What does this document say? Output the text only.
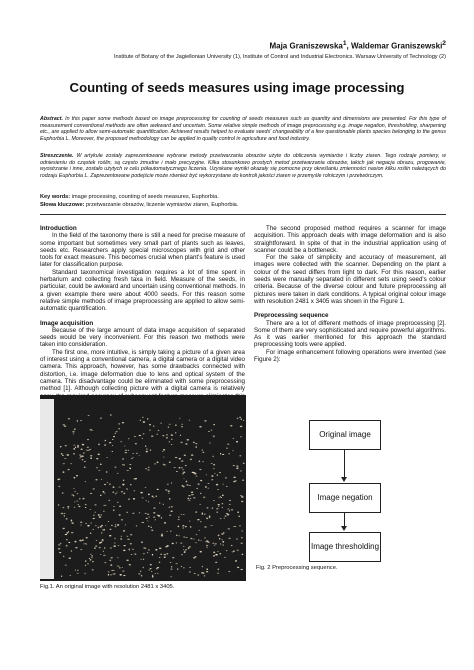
Maja Graniszewska$^1$, Waldemar Graniszewski$^2$
Institute of Botany of the Jagiellonian University (1), Institute of Control and Industrial Electronics. Warsaw University of Technology (2)
Counting of seeds measures using image processing
Abstract. In this paper some methods based on image preprocessing for counting of seeds measures such as quantity and dimensions are presented. For this type of measurement conventional methods are often awkward and uncertain. Some relative simple methods of image preprocessing e.g. image negation, thresholding, sharpening etc., are applied to allow semi-automatic quantification. Achieved results helped to evaluate seeds' changeability of a few questionable plants species belonging to the genus Euphorbia L. Moreover, the proposed methodology can be applied in quality control in agriculture and food industry.
Streszczenie. W artykule zostały zaprezentowane wybrane metody przetwarzania obrazów użyte do obliczenia wymiarów i liczby ziaren. Tego rodzaje pomiery, w odniesieniu do cząstek roślin, są często żmudne i mało precyzyjne. Kilka stosunkowo prostych metod przetwarzania obrazów, takich jak negacja obrazu, progowanie, wyostrzanie i inne, zostało użytych w celu półautomatycznego liczenia. Uzyskane wyniki okazały się pomocne przy określaniu zmienności nasion kilku roślin należących do rodzaju Euphorbia L. Zaprezentowane podejście może również być wykorzystane do kontroli jakości ziaren w przemyśle rolniczym i przetwórczym.
Key words: image processing, counting of seeds measures, Euphorbia.
Słowa kluczowe: przetwarzanie obrazów, liczenie wymiarów ziaren, Euphorbia.
Introduction

In the field of the taxonomy there is still a need for precise measure of some important but sometimes very small part of plants such as leaves, seeds etc. Researchers apply special microscopes with grid and other tools for exact measure. This becomes crucial when plant's feature is used later for classification purpose.

Standard taxonomical investigation requires a lot of time spent in herbarium and collecting fresh taxa in field. Measure of the seeds, in particular, could be awkward and uncertain using conventional methods. In a given example there were about 4000 seeds. For this reason some relative simple methods of image preprocessing are applied to allow semi-automatic quantification.

Image acquisition

Because of the large amount of data image acquisition of separated seeds would be very inconvenient. For this reason two methods were taken into consideration.

The first one, more intuitive, is simply taking a picture of a given area of interest using a conventional camera, a digital camera or a digital video camera. This approach, however, has some drawbacks connected with distortion, i.e. image deformation due to lens and optical system of the camera. This disadvantage could be eliminated with some preprocessing method [1]. Although collecting picture with a digital camera is relatively

Fig.1. An original image with resolution 2481 x 3405.

The second proposed method requires a scanner for image acquisition. This approach deals with image deformation and is also straightforward. In spite of that in the industrial application using of scanner could be a bottleneck.

For the sake of simplicity and accuracy of measurement, all images were collected with the scanner. Depending on the plant a colour of the seed differs from light to dark. For this reason, earlier seeds were manually separated in different sets using seed's colour criteria. Because of the diverse colour and future preprocessing all pictures were taken in dark conditions. A typical original colour image with resolution 2481 x 3405 was shown in the Figure 1.

Preprocessing sequence

There are a lot of different methods of image preprocessing [2]. Some of them are very sophisticated and require powerful algorithms. As it was earlier mentioned for this approach the standard preprocessing tools were applied.

For image enhancement following operations were invented (see Figure 2):

Original image
Image negation
Image thresholding
Fig. 2 Preprocessing sequence.
